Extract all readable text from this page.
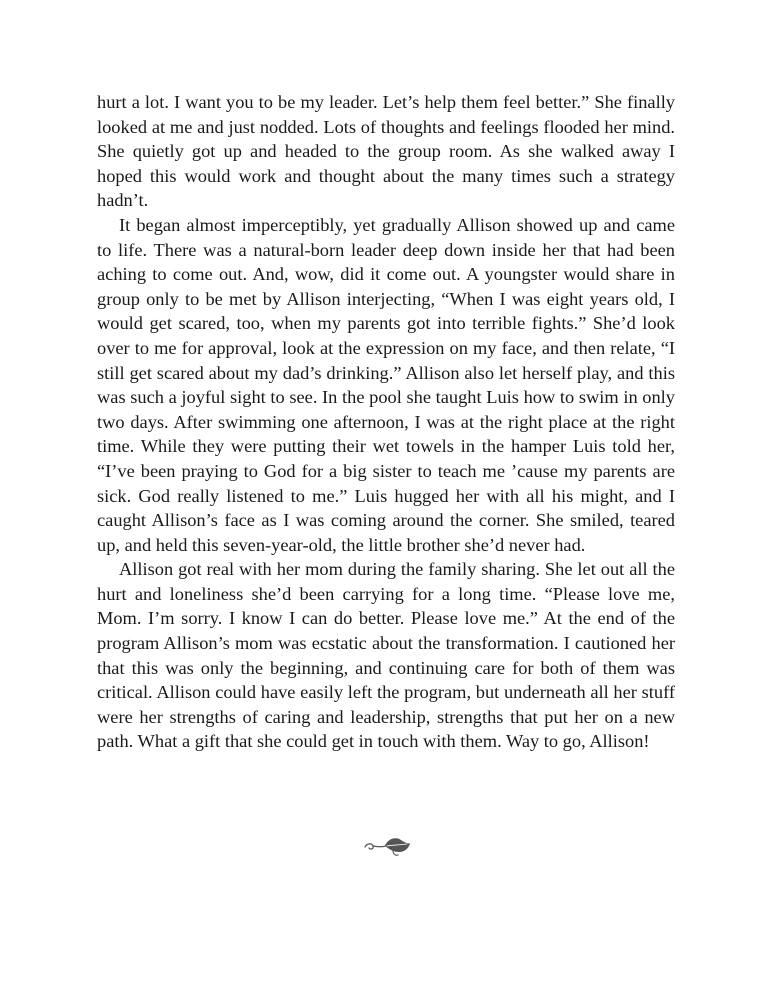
hurt a lot. I want you to be my leader. Let’s help them feel better.” She finally looked at me and just nodded. Lots of thoughts and feelings flooded her mind. She quietly got up and headed to the group room. As she walked away I hoped this would work and thought about the many times such a strategy hadn’t.

It began almost imperceptibly, yet gradually Allison showed up and came to life. There was a natural-born leader deep down inside her that had been aching to come out. And, wow, did it come out. A youngster would share in group only to be met by Allison interjecting, “When I was eight years old, I would get scared, too, when my parents got into terrible fights.” She’d look over to me for approval, look at the expression on my face, and then relate, “I still get scared about my dad’s drinking.” Allison also let herself play, and this was such a joyful sight to see. In the pool she taught Luis how to swim in only two days. After swimming one afternoon, I was at the right place at the right time. While they were putting their wet towels in the hamper Luis told her, “I’ve been praying to God for a big sister to teach me ’cause my parents are sick. God really listened to me.” Luis hugged her with all his might, and I caught Allison’s face as I was coming around the corner. She smiled, teared up, and held this seven-year-old, the little brother she’d never had.

Allison got real with her mom during the family sharing. She let out all the hurt and loneliness she’d been carrying for a long time. “Please love me, Mom. I’m sorry. I know I can do better. Please love me.” At the end of the program Allison’s mom was ecstatic about the transformation. I cautioned her that this was only the beginning, and continuing care for both of them was critical. Allison could have easily left the program, but underneath all her stuff were her strengths of caring and leadership, strengths that put her on a new path. What a gift that she could get in touch with them. Way to go, Allison!
